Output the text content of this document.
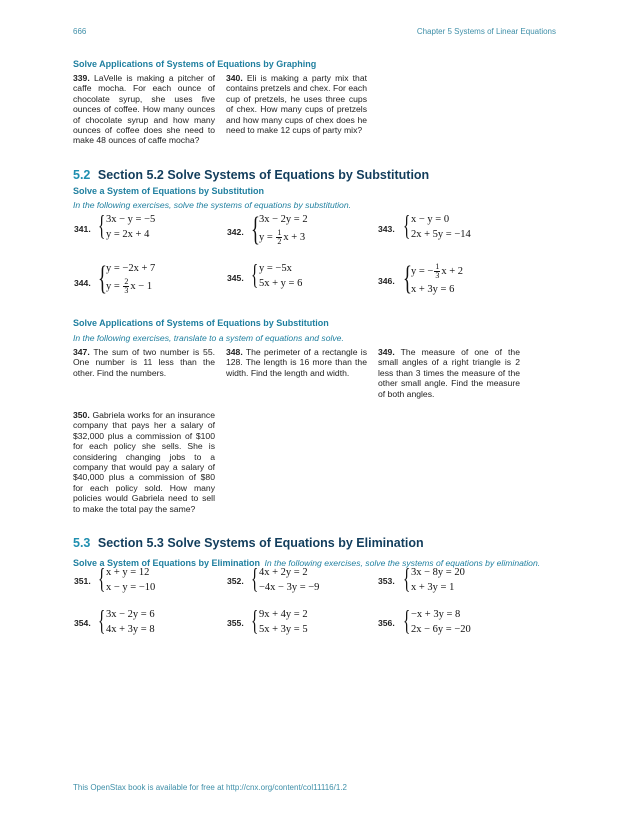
666	Chapter 5 Systems of Linear Equations
Solve Applications of Systems of Equations by Graphing
339. LaVelle is making a pitcher of caffe mocha. For each ounce of chocolate syrup, she uses five ounces of coffee. How many ounces of chocolate syrup and how many ounces of coffee does she need to make 48 ounces of caffe mocha?
340. Eli is making a party mix that contains pretzels and chex. For each cup of pretzels, he uses three cups of chex. How many cups of pretzels and how many cups of chex does he need to make 12 cups of party mix?
5.2 Section 5.2 Solve Systems of Equations by Substitution
Solve a System of Equations by Substitution
In the following exercises, solve the systems of equations by substitution.
341. { 3x − y = −5
y = 2x + 4	342. { 3x − 2y = 2
$y = \frac{1}{2}$ x + 3
343. { x − y = 0
2x + 5y = −14
344. { y = −2x + 7
$y = \frac{2}{3}$ x − 1
345. { y = −5x
5x + y = 6	346. { y = − $\frac{1}{3}$ x + 2
x + 3y = 6
Solve Applications of Systems of Equations by Substitution
In the following exercises, translate to a system of equations and solve.
347. The sum of two number is 55. One number is 11 less than the other. Find the numbers.
348. The perimeter of a rectangle is 128. The length is 16 more than the width. Find the length and width.
349. The measure of one of the small angles of a right triangle is 2 less than 3 times the measure of the other small angle. Find the measure of both angles.
350. Gabriela works for an insurance company that pays her a salary of $32,000 plus a commission of $100 for each policy she sells. She is considering changing jobs to a company that would pay a salary of $40,000 plus a commission of $80 for each policy sold. How many policies would Gabriela need to sell to make the total pay the same?
5.3 Section 5.3 Solve Systems of Equations by Elimination
Solve a System of Equations by Elimination In the following exercises, solve the systems of equations by elimination.
351. { x + y = 12
x − y = −10
352. { 4x + 2y = 2
−4x − 3y = −9
353. { 3x − 8y = 20
x + 3y = 1
354. { 3x − 2y = 6
4x + 3y = 8
355. { 9x + 4y = 2
5x + 3y = 5
356. { −x + 3y = 8
2x − 6y = −20
This OpenStax book is available for free at http://cnx.org/content/col11116/1.2
